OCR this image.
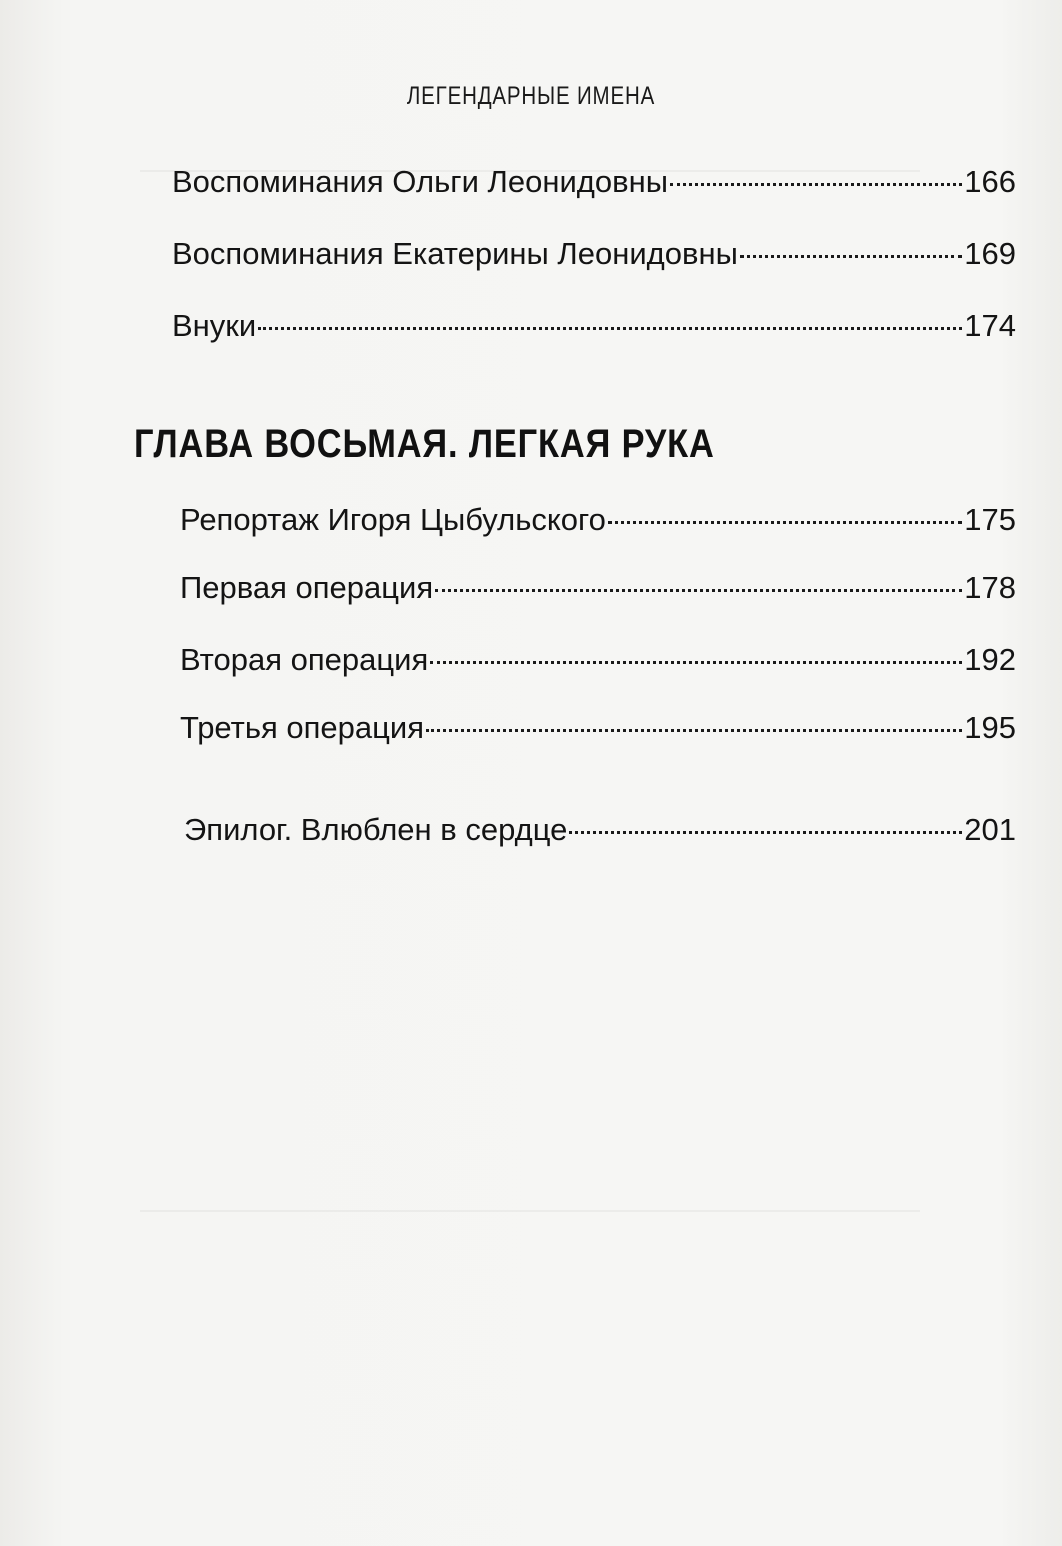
ЛЕГЕНДАРНЫЕ ИМЕНА
Воспоминания Ольги Леонидовны	166
Воспоминания Екатерины Леонидовны	169
Внуки	174
ГЛАВА ВОСЬМАЯ. ЛЕГКАЯ РУКА
Репортаж Игоря Цыбульского	175
Первая операция	178
Вторая операция	192
Третья операция	195
Эпилог. Влюблен в сердце	201
